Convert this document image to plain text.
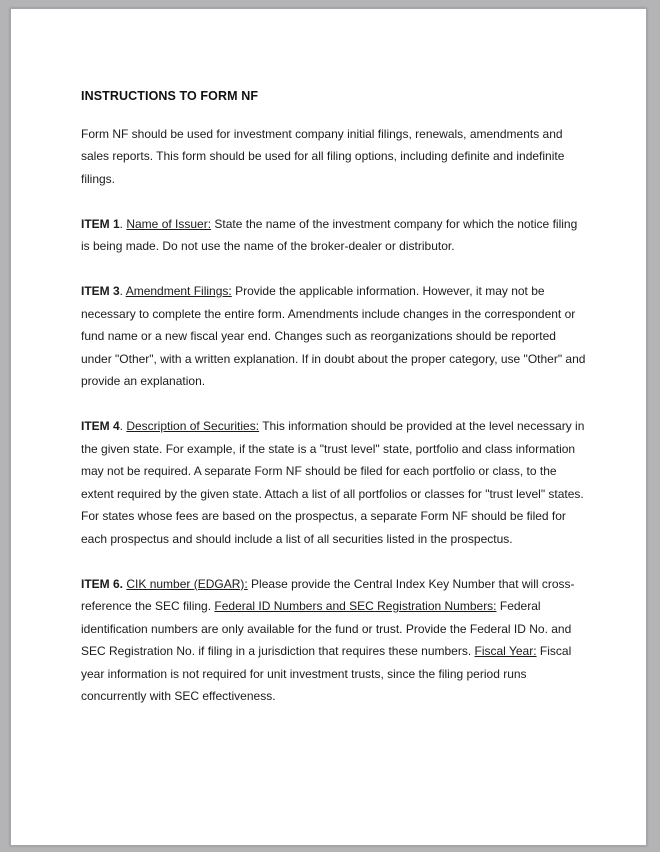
INSTRUCTIONS TO FORM NF

Form NF should be used for investment company initial filings, renewals, amendments and sales reports. This form should be used for all filing options, including definite and indefinite filings.

ITEM 1. Name of Issuer: State the name of the investment company for which the notice filing is being made. Do not use the name of the broker-dealer or distributor.

ITEM 3. Amendment Filings: Provide the applicable information. However, it may not be necessary to complete the entire form. Amendments include changes in the correspondent or fund name or a new fiscal year end. Changes such as reorganizations should be reported under "Other", with a written explanation. If in doubt about the proper category, use "Other" and provide an explanation.

ITEM 4. Description of Securities: This information should be provided at the level necessary in the given state. For example, if the state is a "trust level" state, portfolio and class information may not be required. A separate Form NF should be filed for each portfolio or class, to the extent required by the given state. Attach a list of all portfolios or classes for "trust level" states. For states whose fees are based on the prospectus, a separate Form NF should be filed for each prospectus and should include a list of all securities listed in the prospectus.

ITEM 6. CIK number (EDGAR): Please provide the Central Index Key Number that will cross-reference the SEC filing. Federal ID Numbers and SEC Registration Numbers: Federal identification numbers are only available for the fund or trust. Provide the Federal ID No. and SEC Registration No. if filing in a jurisdiction that requires these numbers. Fiscal Year: Fiscal year information is not required for unit investment trusts, since the filing period runs concurrently with SEC effectiveness.
